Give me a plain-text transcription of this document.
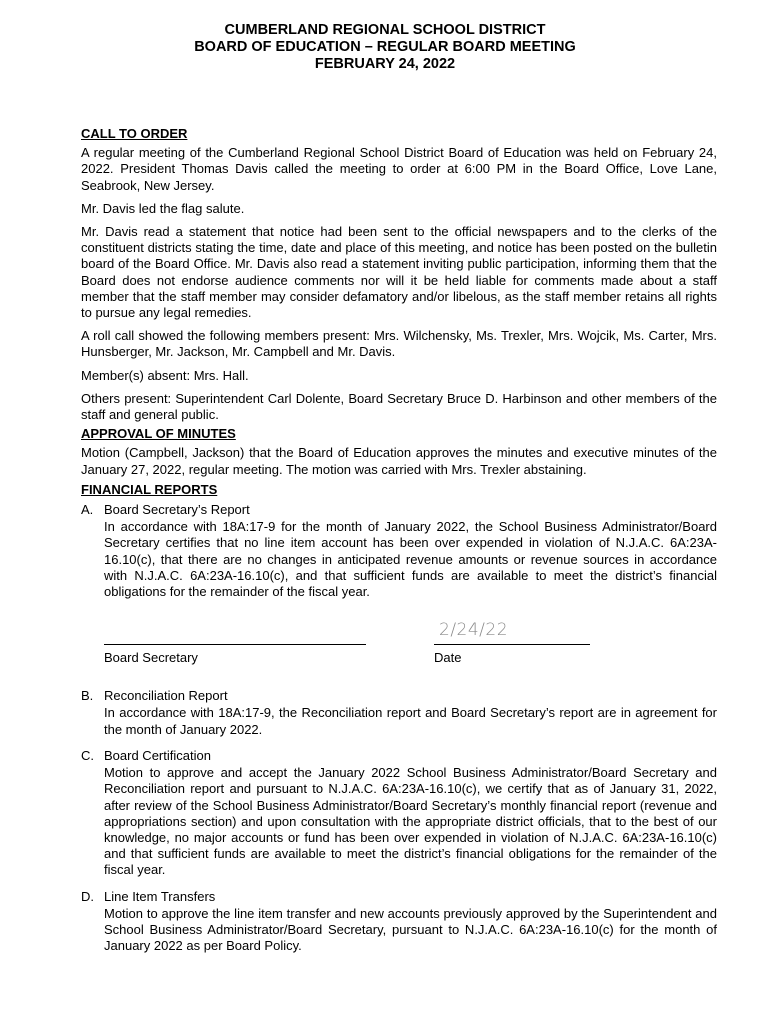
CUMBERLAND REGIONAL SCHOOL DISTRICT
BOARD OF EDUCATION – REGULAR BOARD MEETING
FEBRUARY 24, 2022
CALL TO ORDER

A regular meeting of the Cumberland Regional School District Board of Education was held on February 24, 2022. President Thomas Davis called the meeting to order at 6:00 PM in the Board Office, Love Lane, Seabrook, New Jersey.

Mr. Davis led the flag salute.

Mr. Davis read a statement that notice had been sent to the official newspapers and to the clerks of the constituent districts stating the time, date and place of this meeting, and notice has been posted on the bulletin board of the Board Office. Mr. Davis also read a statement inviting public participation, informing them that the Board does not endorse audience comments nor will it be held liable for comments made about a staff member that the staff member may consider defamatory and/or libelous, as the staff member retains all rights to pursue any legal remedies.

A roll call showed the following members present: Mrs. Wilchensky, Ms. Trexler, Mrs. Wojcik, Ms. Carter, Mrs. Hunsberger, Mr. Jackson, Mr. Campbell and Mr. Davis.

Member(s) absent: Mrs. Hall.

Others present: Superintendent Carl Dolente, Board Secretary Bruce D. Harbinson and other members of the staff and general public.

APPROVAL OF MINUTES

Motion (Campbell, Jackson) that the Board of Education approves the minutes and executive minutes of the January 27, 2022, regular meeting. The motion was carried with Mrs. Trexler abstaining.

FINANCIAL REPORTS
A. Board Secretary’s Report
In accordance with 18A:17-9 for the month of January 2022, the School Business Administrator/Board Secretary certifies that no line item account has been over expended in violation of N.J.A.C. 6A:23A-16.10(c), that there are no changes in anticipated revenue amounts or revenue sources in accordance with N.J.A.C. 6A:23A-16.10(c), and that sufficient funds are available to meet the district’s financial obligations for the remainder of the fiscal year.
2/24/22
Board Secretary	Date
B. Reconciliation Report
In accordance with 18A:17-9, the Reconciliation report and Board Secretary’s report are in agreement for the month of January 2022.
C. Board Certification
Motion to approve and accept the January 2022 School Business Administrator/Board Secretary and Reconciliation report and pursuant to N.J.A.C. 6A:23A-16.10(c), we certify that as of January 31, 2022, after review of the School Business Administrator/Board Secretary’s monthly financial report (revenue and appropriations section) and upon consultation with the appropriate district officials, that to the best of our knowledge, no major accounts or fund has been over expended in violation of N.J.A.C. 6A:23A-16.10(c) and that sufficient funds are available to meet the district’s financial obligations for the remainder of the fiscal year.
D. Line Item Transfers
Motion to approve the line item transfer and new accounts previously approved by the Superintendent and School Business Administrator/Board Secretary, pursuant to N.J.A.C. 6A:23A-16.10(c) for the month of January 2022 as per Board Policy.
